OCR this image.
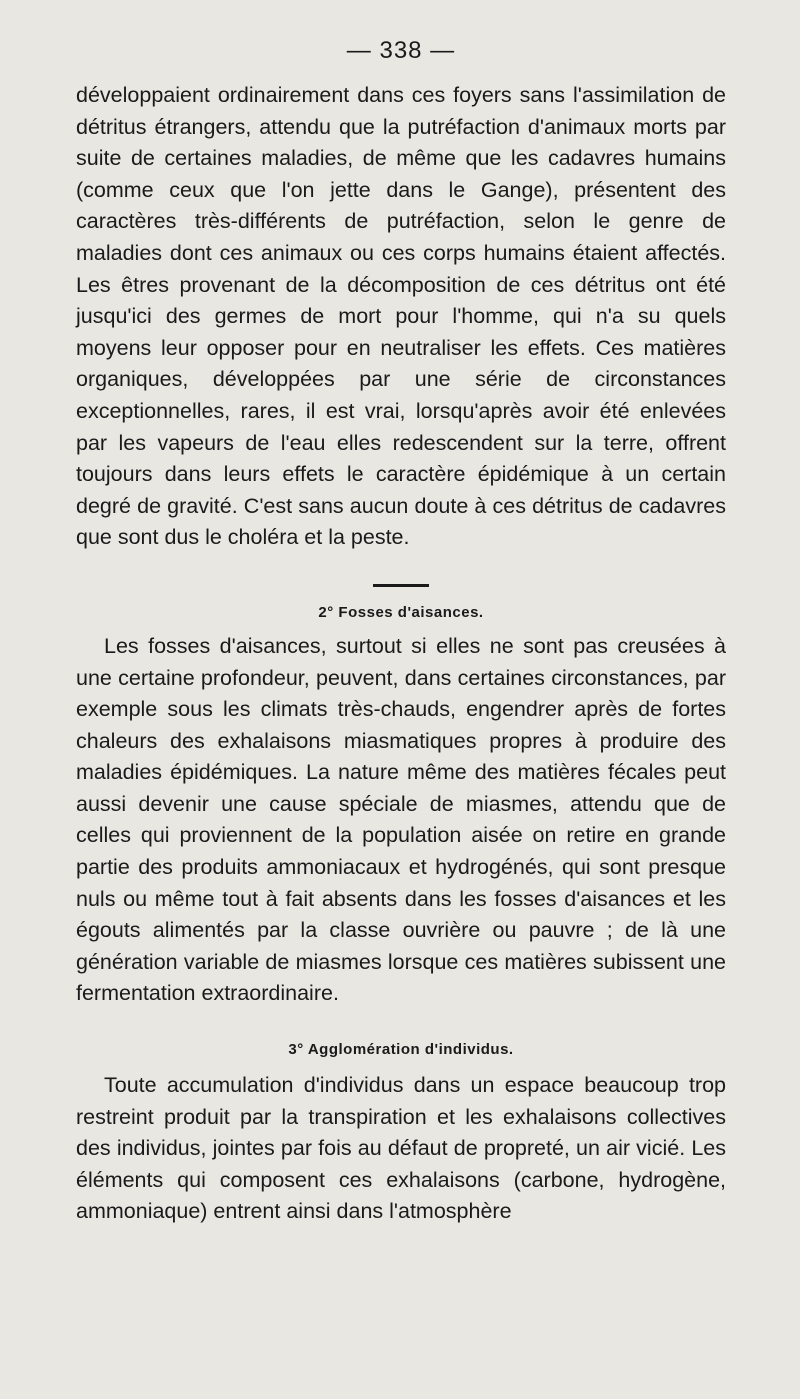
— 338 —

développaient ordinairement dans ces foyers sans l'assimilation de détritus étrangers, attendu que la putréfaction d'animaux morts par suite de certaines maladies, de même que les cadavres humains (comme ceux que l'on jette dans le Gange), présentent des caractères très-différents de putréfaction, selon le genre de maladies dont ces animaux ou ces corps humains étaient affectés. Les êtres provenant de la décomposition de ces détritus ont été jusqu'ici des germes de mort pour l'homme, qui n'a su quels moyens leur opposer pour en neutraliser les effets. Ces matières organiques, développées par une série de circonstances exceptionnelles, rares, il est vrai, lorsqu'après avoir été enlevées par les vapeurs de l'eau elles redescendent sur la terre, offrent toujours dans leurs effets le caractère épidémique à un certain degré de gravité. C'est sans aucun doute à ces détritus de cadavres que sont dus le choléra et la peste.

2° Fosses d'aisances.

Les fosses d'aisances, surtout si elles ne sont pas creusées à une certaine profondeur, peuvent, dans certaines circonstances, par exemple sous les climats très-chauds, engendrer après de fortes chaleurs des exhalaisons miasmatiques propres à produire des maladies épidémiques. La nature même des matières fécales peut aussi devenir une cause spéciale de miasmes, attendu que de celles qui proviennent de la population aisée on retire en grande partie des produits ammoniacaux et hydrogénés, qui sont presque nuls ou même tout à fait absents dans les fosses d'aisances et les égouts alimentés par la classe ouvrière ou pauvre ; de là une génération variable de miasmes lorsque ces matières subissent une fermentation extraordinaire.

3° Agglomération d'individus.

Toute accumulation d'individus dans un espace beaucoup trop restreint produit par la transpiration et les exhalaisons collectives des individus, jointes par fois au défaut de propreté, un air vicié. Les éléments qui composent ces exhalaisons (carbone, hydrogène, ammoniaque) entrent ainsi dans l'atmosphère
